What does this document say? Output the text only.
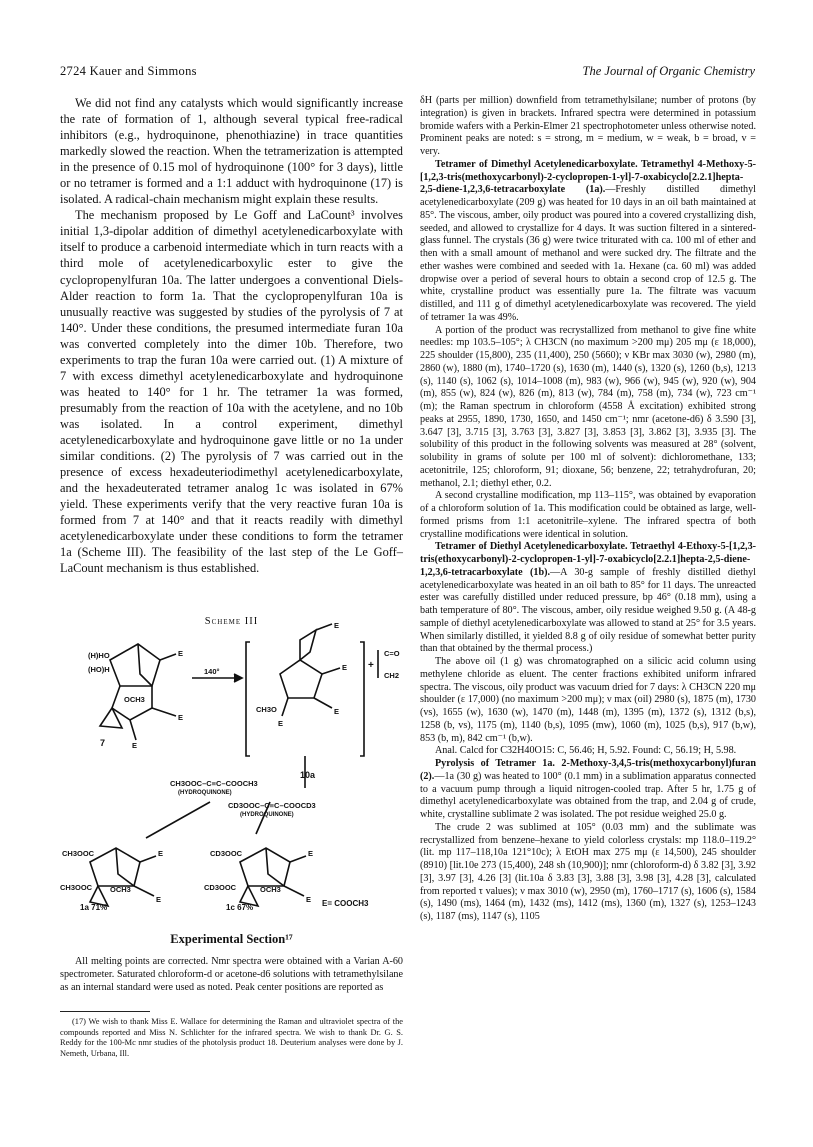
2724 Kauer and Simmons	The Journal of Organic Chemistry

We did not find any catalysts which would significantly increase the rate of formation of 1, although several typical free-radical inhibitors (e.g., hydroquinone, phenothiazine) in trace quantities markedly slowed the reaction. When the tetramerization is attempted in the presence of 0.15 mol of hydroquinone (100° for 3 days), little or no tetramer is formed and a 1:1 adduct with hydroquinone (17) is isolated. A radical-chain mechanism might explain these results.

The mechanism proposed by Le Goff and LaCount³ involves initial 1,3-dipolar addition of dimethyl acetylenedicarboxylate with itself to produce a carbenoid intermediate which in turn reacts with a third mole of acetylenedicarboxylic ester to give the cyclopropenylfuran 10a. The latter undergoes a conventional Diels-Alder reaction to form 1a. That the cyclopropenylfuran 10a is unusually reactive was suggested by studies of the pyrolysis of 7 at 140°. Under these conditions, the presumed intermediate furan 10a was converted completely into the dimer 10b. Therefore, two experiments to trap the furan 10a were carried out. (1) A mixture of 7 with excess dimethyl acetylenedicarboxylate and hydroquinone was heated to 140° for 1 hr. The tetramer 1a was formed, presumably from the reaction of 10a with the acetylene, and no 10b was isolated. In a control experiment, dimethyl acetylenedicarboxylate and hydroquinone gave little or no 1a under similar conditions. (2) The pyrolysis of 7 was carried out in the presence of excess hexadeuteriodimethyl acetylenedicarboxylate, and the hexadeuterated tetramer analog 1c was isolated in 67% yield. These experiments verify that the very reactive furan 10a is formed from 7 at 140° and that it reacts readily with dimethyl acetylenedicarboxylate under these conditions to form the tetramer 1a (Scheme III). The feasibility of the last step of the Le Goff–LaCount mechanism is thus established.

Scheme III
(H)HO
(HO)H
OCH3
7
E
E
E
140°
CH3O
E
E
E
E
+
C=O
CH2
10a
CH3OOC–C≡C–COOCH3
(HYDROQUINONE)
CD3OOC–C≡C–COOCD3
(HYDROQUINONE)
CH3OOC
CH3OOC OCH3
E
E
CD3OOC
CD3OOC	OCH3
E
E
1a 71%	1c 67%	E= COOCH3
Experimental Section¹⁷

All melting points are corrected. Nmr spectra were obtained with a Varian A-60 spectrometer. Saturated chloroform-d or acetone-d6 solutions with tetramethylsilane as an internal standard were used as noted. Peak center positions are reported as

(17) We wish to thank Miss E. Wallace for determining the Raman and ultraviolet spectra of the compounds reported and Miss N. Schlichter for the infrared spectra. We wish to thank Dr. G. S. Reddy for the 100-Mc nmr studies of the photolysis product 18. Deuterium analyses were done by J. Nemeth, Urbana, Ill.

δH (parts per million) downfield from tetramethylsilane; number of protons (by integration) is given in brackets. Infrared spectra were determined in potassium bromide wafers with a Perkin-Elmer 21 spectrophotometer unless otherwise noted. Prominent peaks are noted: s = strong, m = medium, w = weak, b = broad, v = very.

Tetramer of Dimethyl Acetylenedicarboxylate. Tetramethyl 4-Methoxy-5-[1,2,3-tris(methoxycarbonyl)-2-cyclopropen-1-yl]-7-oxabicyclo[2.2.1]hepta-2,5-diene-1,2,3,6-tetracarboxylate (1a).—Freshly distilled dimethyl acetylenedicarboxylate (209 g) was heated for 10 days in an oil bath maintained at 85°. The viscous, amber, oily product was poured into a covered crystallizing dish, seeded, and allowed to crystallize for 4 days. It was suction filtered in a sintered-glass funnel. The crystals (36 g) were twice triturated with ca. 100 ml of ether and then with a small amount of methanol and were sucked dry. The filtrate and the ether washes were combined and seeded with 1a. Hexane (ca. 60 ml) was added dropwise over a period of several hours to obtain a second crop of 12.5 g. The white, crystalline product was essentially pure 1a. The filtrate was vacuum distilled, and 111 g of dimethyl acetylenedicarboxylate was recovered. The yield of tetramer 1a was 49%.

A portion of the product was recrystallized from methanol to give fine white needles: mp 103.5–105°; λ CH3CN (no maximum >200 mμ) 205 mμ (ε 18,000), 225 shoulder (15,800), 235 (11,400), 250 (5660); ν KBr max 3030 (w), 2980 (m), 2860 (w), 1880 (m), 1740–1720 (s), 1630 (m), 1440 (s), 1320 (s), 1260 (b,s), 1213 (s), 1140 (s), 1062 (s), 1014–1008 (m), 983 (w), 966 (w), 945 (w), 920 (w), 904 (m), 855 (w), 824 (w), 826 (m), 813 (w), 784 (m), 758 (m), 734 (w), 723 cm⁻¹ (m); the Raman spectrum in chloroform (4558 Å excitation) exhibited strong peaks at 2955, 1890, 1730, 1650, and 1450 cm⁻¹; nmr (acetone-d6) δ 3.590 [3], 3.647 [3], 3.715 [3], 3.763 [3], 3.827 [3], 3.853 [3], 3.862 [3], 3.935 [3]. The solubility of this product in the following solvents was measured at 28° (solvent, solubility in grams of solute per 100 ml of solvent): dichloromethane, 133; acetonitrile, 125; chloroform, 91; dioxane, 56; benzene, 22; tetrahydrofuran, 20; methanol, 2.1; diethyl ether, 0.2.

A second crystalline modification, mp 113–115°, was obtained by evaporation of a chloroform solution of 1a. This modification could be obtained as large, well-formed prisms from 1:1 acetonitrile–xylene. The infrared spectra of both crystalline modifications were identical in solution.

Tetramer of Diethyl Acetylenedicarboxylate. Tetraethyl 4-Ethoxy-5-[1,2,3-tris(ethoxycarbonyl)-2-cyclopropen-1-yl]-7-oxabicyclo[2.2.1]hepta-2,5-diene-1,2,3,6-tetracarboxylate (1b).—A 30-g sample of freshly distilled diethyl acetylenedicarboxylate was heated in an oil bath to 85° for 11 days. The unreacted ester was carefully distilled under reduced pressure, bp 46° (0.18 mm), using a bath temperature of 80°. The viscous, amber, oily residue weighed 9.50 g. (A 48-g sample of diethyl acetylenedicarboxylate was allowed to stand at 25° for 3.5 years. When similarly distilled, it yielded 8.8 g of oily residue of somewhat better purity than that obtained by the thermal process.)

The above oil (1 g) was chromatographed on a silicic acid column using methylene chloride as eluent. The center fractions exhibited uniform infrared spectra. The viscous, oily product was vacuum dried for 7 days: λ CH3CN 220 mμ shoulder (ε 17,000) (no maximum >200 mμ); ν max (oil) 2980 (s), 1875 (m), 1730 (vs), 1655 (w), 1630 (w), 1470 (m), 1448 (m), 1395 (m), 1372 (s), 1312 (b,s), 1258 (b, vs), 1175 (m), 1140 (b,s), 1095 (mw), 1060 (m), 1025 (b,s), 917 (b,w), 853 (b, m), 842 cm⁻¹ (b,w).

Anal. Calcd for C32H40O15: C, 56.46; H, 5.92. Found: C, 56.19; H, 5.98.

Pyrolysis of Tetramer 1a. 2-Methoxy-3,4,5-tris(methoxycarbonyl)furan (2).—1a (30 g) was heated to 100° (0.1 mm) in a sublimation apparatus connected to a vacuum pump through a liquid nitrogen-cooled trap. After 5 hr, 1.75 g of dimethyl acetylenedicarboxylate was obtained from the trap, and 2.04 g of crude, white, crystalline sublimate 2 was isolated. The pot residue weighed 25.0 g.

The crude 2 was sublimed at 105° (0.03 mm) and the sublimate was recrystallized from benzene–hexane to yield colorless crystals: mp 118.0–119.2° (lit. mp 117–118,10a 121°10c); λ EtOH max 275 mμ (ε 14,500), 245 shoulder (8910) [lit.10e 273 (15,400), 248 sh (10,900)]; nmr (chloroform-d) δ 3.82 [3], 3.92 [3], 3.97 [3], 4.26 [3] (lit.10a δ 3.83 [3], 3.88 [3], 3.98 [3], 4.28 [3], calculated from reported τ values); ν max 3010 (w), 2950 (m), 1760–1717 (s), 1606 (s), 1584 (s), 1490 (ms), 1464 (m), 1432 (ms), 1412 (ms), 1360 (m), 1327 (s), 1253–1243 (s), 1187 (ms), 1147 (s), 1105
